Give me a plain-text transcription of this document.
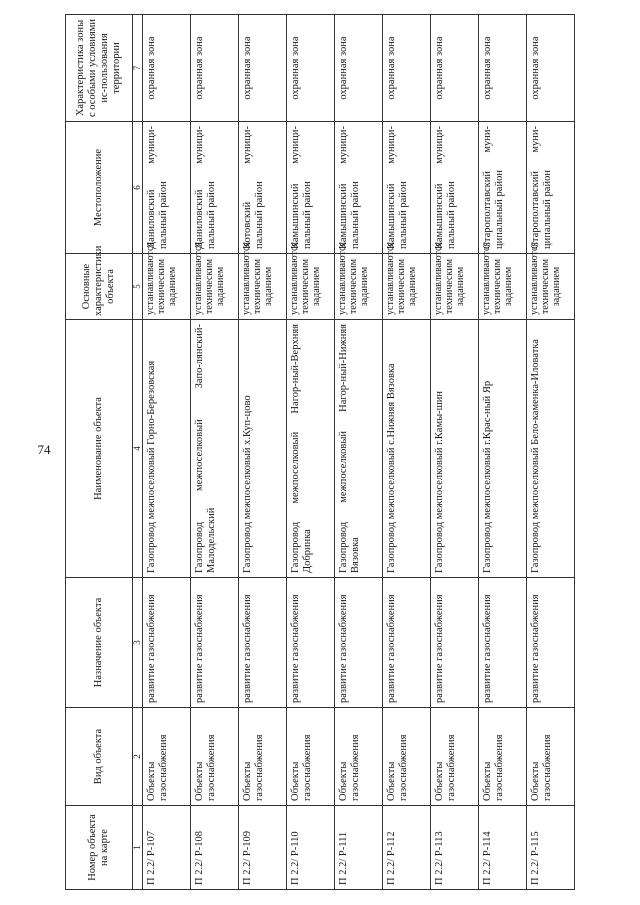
74
Номер объекта на карте	Вид объекта	Назначение объекта	Наименование объекта	Основные характеристики объекта	Местоположение	Характеристика зоны с особыми условиями ис-пользования территории
1	2	3	4	5	6	7
П 2.2/ Р-107	Объекты газоснабжения	развитие газоснабжения	Газопровод межпоселковый Горно-Березовская	устанавливаются техническим заданием	Даниловский муници-пальный район	охранная зона
П 2.2/ Р-108	Объекты газоснабжения	развитие газоснабжения	Газопровод межпоселковый Запо-лянский-Малодельский	устанавливаются техническим заданием	Даниловский муници-пальный район	охранная зона
П 2.2/ Р-109	Объекты газоснабжения	развитие газоснабжения	Газопровод межпоселковый х.Куп-цово	устанавливаются техническим заданием	Котовский муници-пальный район	охранная зона
П 2.2/ Р-110	Объекты газоснабжения	развитие газоснабжения	Газопровод межпоселковый Нагор-ный-Верхняя Добринка	устанавливаются техническим заданием	Камышинский муници-пальный район	охранная зона
П 2.2/ Р-111	Объекты газоснабжения	развитие газоснабжения	Газопровод межпоселковый Нагор-ный-Нижняя Вязовка	устанавливаются техническим заданием	Камышинский муници-пальный район	охранная зона
П 2.2/ Р-112	Объекты газоснабжения	развитие газоснабжения	Газопровод межпоселковый с.Нижняя Вязовка	устанавливаются техническим заданием	Камышинский муници-пальный район	охранная зона
П 2.2/ Р-113	Объекты газоснабжения	развитие газоснабжения	Газопровод межпоселковый г.Камы-шин	устанавливаются техническим заданием	Камышинский муници-пальный район	охранная зона
П 2.2/ Р-114	Объекты газоснабжения	развитие газоснабжения	Газопровод межпоселковый г.Крас-ный Яр	устанавливаются техническим заданием	Старополтавский муни-ципальный район	охранная зона
П 2.2/ Р-115	Объекты газоснабжения	развитие газоснабжения	Газопровод межпоселковый Бело-каменка-Иловатка	устанавливаются техническим заданием	Старополтавский муни-ципальный район	охранная зона
